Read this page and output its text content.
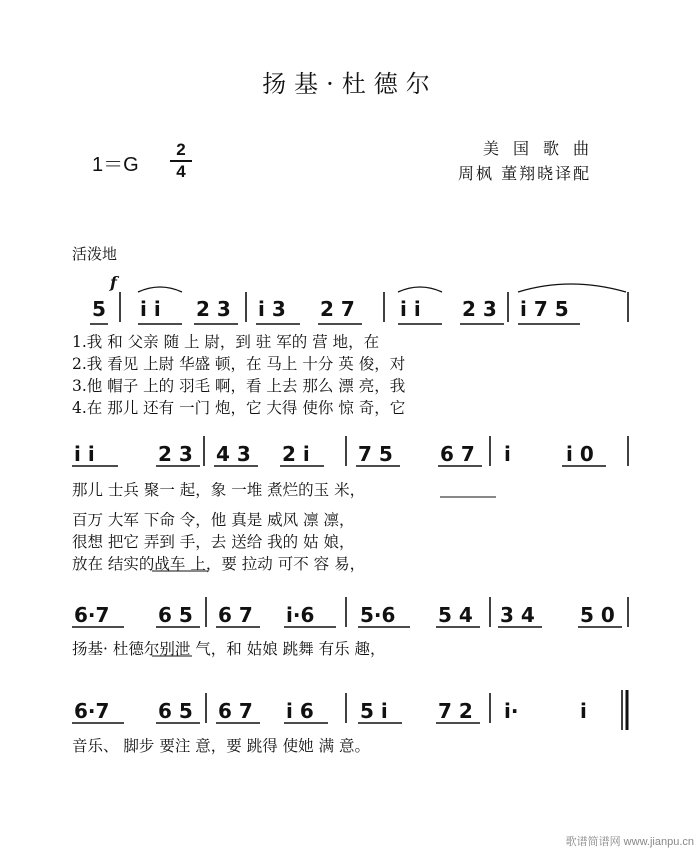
扬基·杜德尔
$1=G \frac{2}{4}$	美国歌曲
周枫 董翔晓译配
活泼地
f
5 i i 2 3 i 3 2 7 i i 2 3 i 7 5
1.我 和 父亲 随 上 尉，到 驻 军的 营 地，在
2.我 看见 上尉 华盛 顿，在 马上 十分 英 俊，对
3.他 帽子 上的 羽毛 啊，看 上去 那么 漂 亮，我
4.在 那儿 还有 一门 炮，它 大得 使你 惊 奇，它
i i	2 3 4 3 2 i 7 5 6 7 i	i 0
那儿 士兵 聚一 起，象 一堆 煮烂的玉 米，
百万 大军 下命 令，他 真是 威风 凛 凛，
很想 把它 弄到 手，去 送给 我的 姑 娘，
放在 结实的战车 上，要 拉动 可不 容 易，
6·7 6 5 6 7 i·6 5·6 5 4 3 4 5 0
扬基· 杜德尔别泄 气，和 姑娘 跳舞 有乐 趣，
6·7 6 5 6 7 i 6 5 i	7 2 i·	i
音乐、 脚步 要注 意，要 跳得 使她 满 意。
歌谱简谱网 www.jianpu.cn
